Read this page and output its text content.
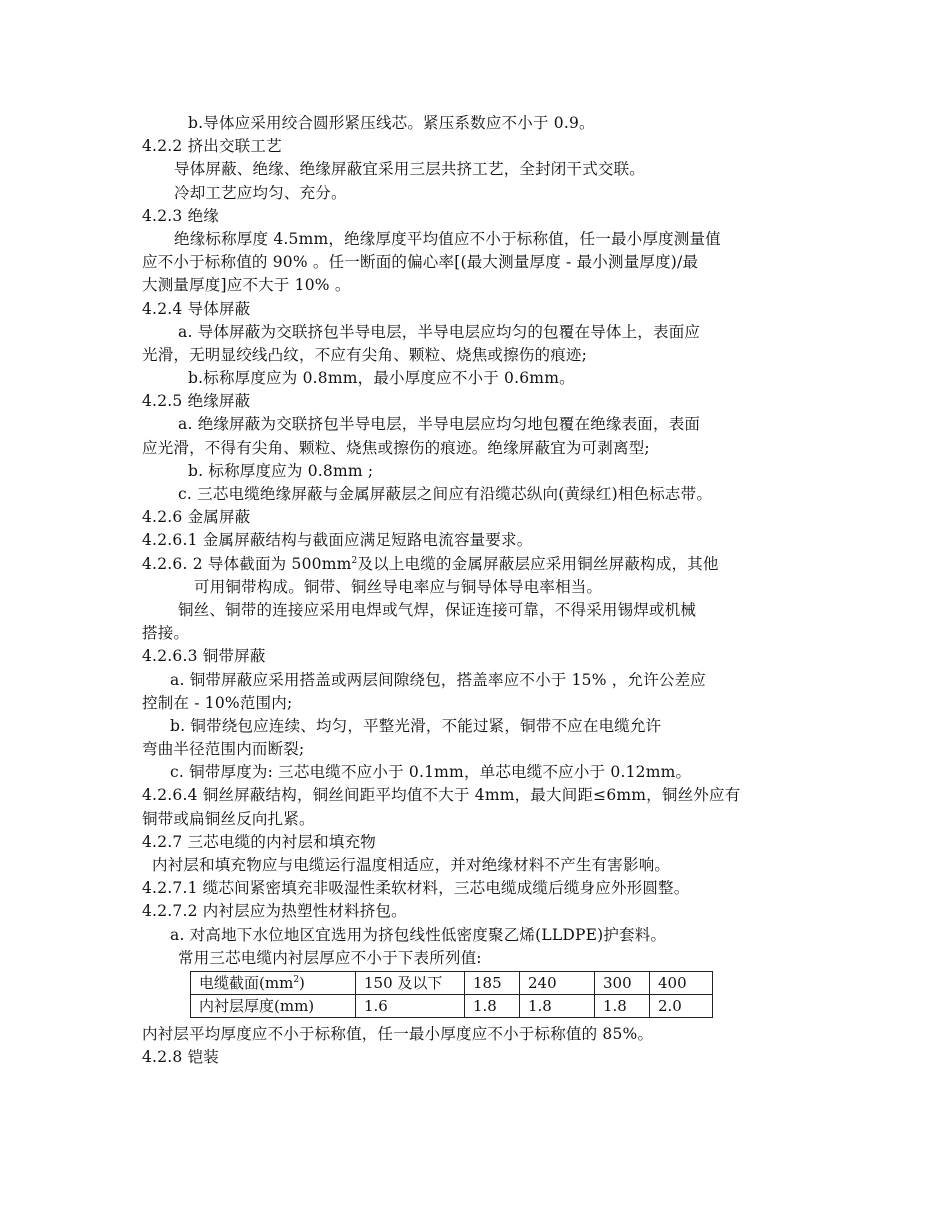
b.导体应采用绞合圆形紧压线芯。紧压系数应不小于 0.9。
4.2.2 挤出交联工艺
导体屏蔽、绝缘、绝缘屏蔽宜采用三层共挤工艺，全封闭干式交联。
冷却工艺应均匀、充分。
4.2.3 绝缘
绝缘标称厚度 4.5mm，绝缘厚度平均值应不小于标称值，任一最小厚度测量值
应不小于标称值的 90% 。任一断面的偏心率[(最大测量厚度 - 最小测量厚度)/最
大测量厚度]应不大于 10% 。
4.2.4 导体屏蔽
a. 导体屏蔽为交联挤包半导电层，半导电层应均匀的包覆在导体上，表面应
光滑，无明显绞线凸纹，不应有尖角、颗粒、烧焦或擦伤的痕迹;
b.标称厚度应为 0.8mm，最小厚度应不小于 0.6mm。
4.2.5 绝缘屏蔽
a. 绝缘屏蔽为交联挤包半导电层，半导电层应均匀地包覆在绝缘表面，表面
应光滑，不得有尖角、颗粒、烧焦或擦伤的痕迹。绝缘屏蔽宜为可剥离型;
b. 标称厚度应为 0.8mm ;
c. 三芯电缆绝缘屏蔽与金属屏蔽层之间应有沿缆芯纵向(黄绿红)相色标志带。
4.2.6 金属屏蔽
4.2.6.1 金属屏蔽结构与截面应满足短路电流容量要求。
4.2.6. 2 导体截面为 $500mm^2$及以上电缆的金属屏蔽层应采用铜丝屏蔽构成，其他
可用铜带构成。铜带、铜丝导电率应与铜导体导电率相当。
铜丝、铜带的连接应采用电焊或气焊，保证连接可靠，不得采用锡焊或机械
搭接。
4.2.6.3 铜带屏蔽
a. 铜带屏蔽应采用搭盖或两层间隙绕包，搭盖率应不小于 15% ，允许公差应
控制在 - 10%范围内;
b. 铜带绕包应连续、均匀，平整光滑，不能过紧，铜带不应在电缆允许
弯曲半径范围内而断裂;
c. 铜带厚度为: 三芯电缆不应小于 0.1mm，单芯电缆不应小于 0.12mm。
4.2.6.4 铜丝屏蔽结构，铜丝间距平均值不大于 4mm，最大间距≤6mm，铜丝外应有
铜带或扁铜丝反向扎紧。
4.2.7 三芯电缆的内衬层和填充物
内衬层和填充物应与电缆运行温度相适应，并对绝缘材料不产生有害影响。
4.2.7.1 缆芯间紧密填充非吸湿性柔软材料，三芯电缆成缆后缆身应外形圆整。
4.2.7.2 内衬层应为热塑性材料挤包。
a. 对高地下水位地区宜选用为挤包线性低密度聚乙烯(LLDPE)护套料。
常用三芯电缆内衬层厚应不小于下表所列值:
电缆截面$(mm^2)$	150 及以下	185	240	300	400
内衬层厚度(mm)	1.6	1.8	1.8	1.8	2.0
内衬层平均厚度应不小于标称值，任一最小厚度应不小于标称值的 85%。
4.2.8 铠装
